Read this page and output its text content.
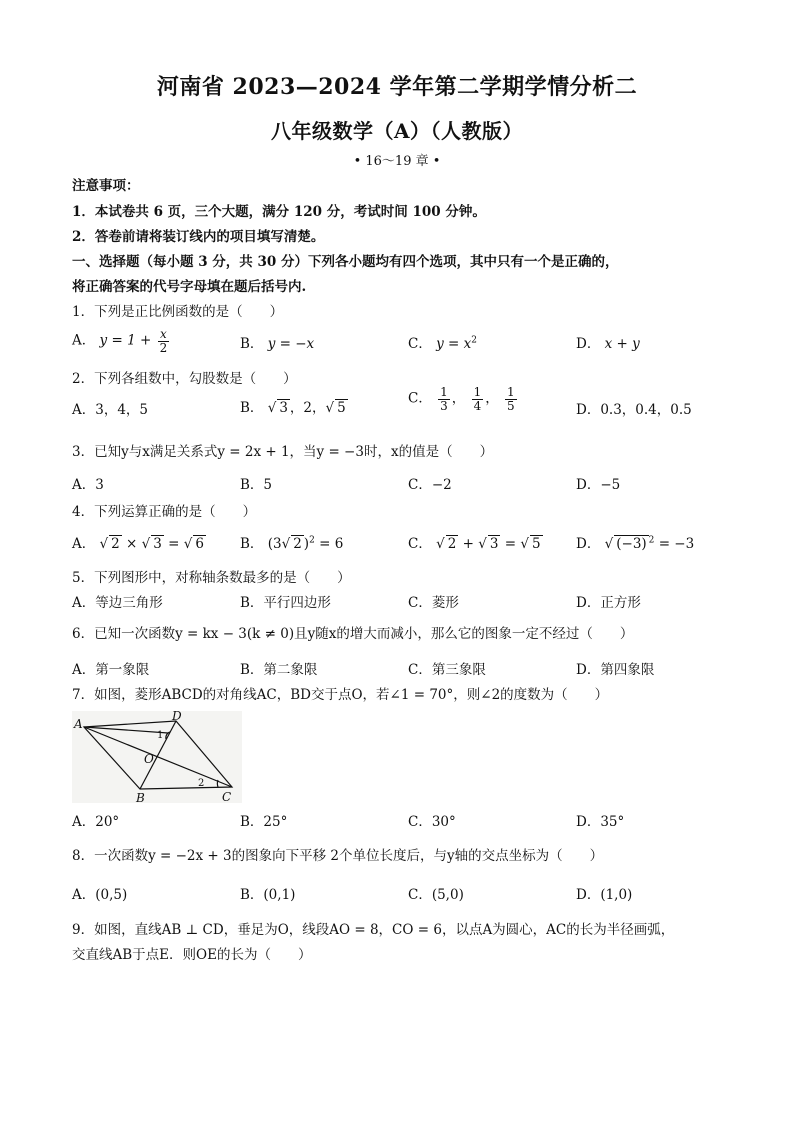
河南省 2023—2024 学年第二学期学情分析二
八年级数学（A）（人教版）
• 16～19 章 •
注意事项：
1．本试卷共 6 页，三个大题，满分 120 分，考试时间 100 分钟。
2．答卷前请将装订线内的项目填写清楚。
一、选择题（每小题 3 分，共 30 分）下列各小题均有四个选项，其中只有一个是正确的，
将正确答案的代号字母填在题后括号内.
1．下列是正比例函数的是（　　）
A． $y = 1 + \frac{x}{2}$	B． y = −x	C． $y = x^2$	D． x + y
2．下列各组数中，勾股数是（　　）
A．3，4，5	B． √ 3 ，2，√ 5
C． $\frac{1}{3}$ ， $\frac{1}{4}$ ， $\frac{1}{5}$	D．0.3，0.4，0.5
3．已知y与x满足关系式y = 2x + 1，当y = −3时，x的值是（　　）
A．3	B．5	C．−2	D．−5
4．下列运算正确的是（　　）
A． √ 2 × √ 3 = √ 6	B． (3√ 2 )$^2$ = 6	C． √ 2 + √ 3 = √ 5	D． √ (−3) $^2$ = −3
5．下列图形中，对称轴条数最多的是（　　）
A．等边三角形	B．平行四边形	C．菱形	D．正方形
6．已知一次函数y = kx − 3(k ≠ 0)且y随x的增大而减小，那么它的图象一定不经过（　　）
A．第一象限	B．第二象限	C．第三象限	D．第四象限
7．如图，菱形ABCD的对角线AC，BD交于点O，若∠1 = 70°，则∠2的度数为（　　）
A
D
C
B
O
1
2
A．20°	B．25°	C．30°	D．35°
8．一次函数y = −2x + 3的图象向下平移 2个单位长度后，与y轴的交点坐标为（　　）
A．(0,5)	B．(0,1)	C．(5,0)	D．(1,0)
9．如图，直线AB ⊥ CD，垂足为O，线段AO = 8，CO = 6，以点A为圆心，AC的长为半径画弧，
交直线AB于点E．则OE的长为（　　）
